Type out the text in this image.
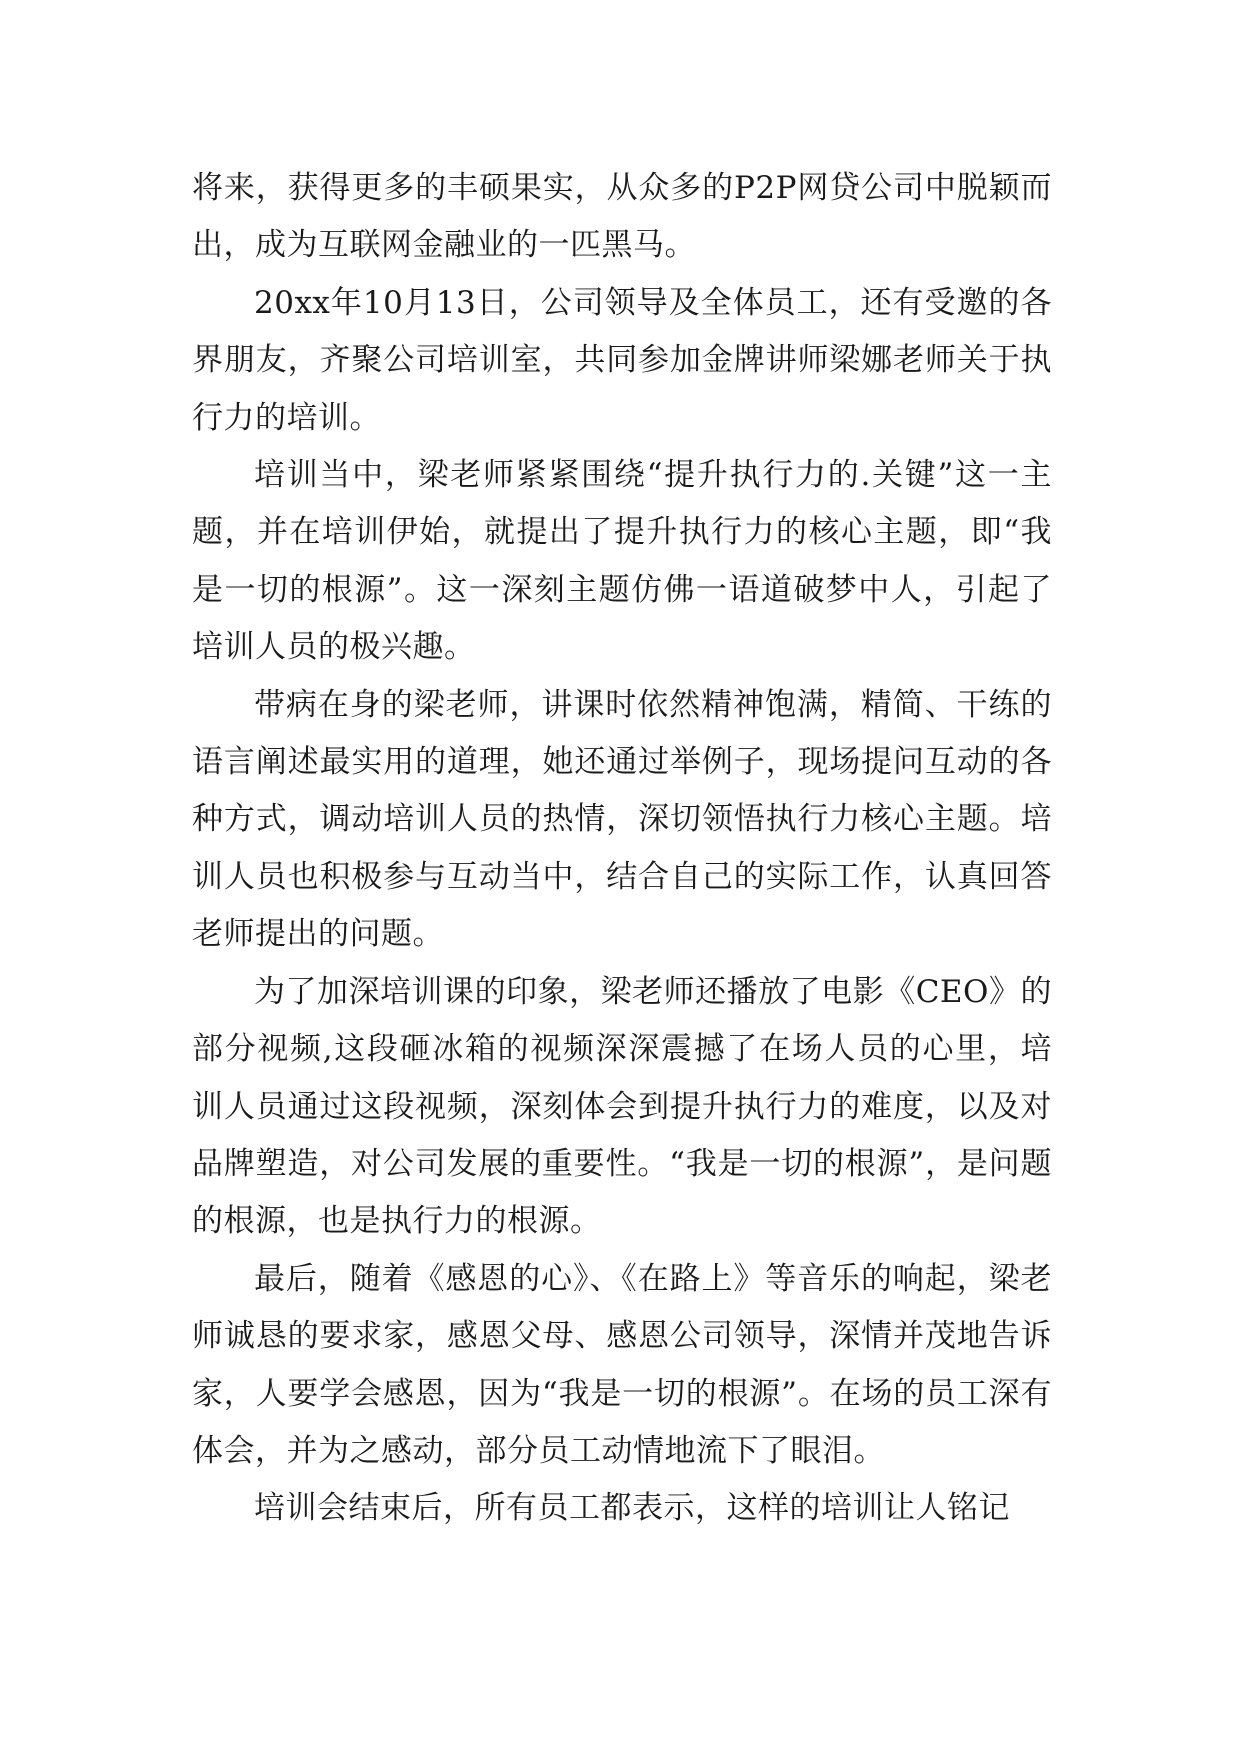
将来，获得更多的丰硕果实，从众多的P2P网贷公司中脱颖而出，成为互联网金融业的一匹黑马。

20xx年10月13日，公司领导及全体员工，还有受邀的各界朋友，齐聚公司培训室，共同参加金牌讲师梁娜老师关于执行力的培训。

培训当中，梁老师紧紧围绕“提升执行力的.关键”这一主题，并在培训伊始，就提出了提升执行力的核心主题，即“我是一切的根源”。这一深刻主题仿佛一语道破梦中人，引起了培训人员的极兴趣。

带病在身的梁老师，讲课时依然精神饱满，精简、干练的语言阐述最实用的道理，她还通过举例子，现场提问互动的各种方式，调动培训人员的热情，深切领悟执行力核心主题。培训人员也积极参与互动当中，结合自己的实际工作，认真回答老师提出的问题。

为了加深培训课的印象，梁老师还播放了电影《CEO》的部分视频,这段砸冰箱的视频深深震撼了在场人员的心里，培训人员通过这段视频，深刻体会到提升执行力的难度，以及对品牌塑造，对公司发展的重要性。“我是一切的根源”，是问题的根源，也是执行力的根源。

最后，随着《感恩的心》、《在路上》等音乐的响起，梁老师诚恳的要求家，感恩父母、感恩公司领导，深情并茂地告诉家，人要学会感恩，因为“我是一切的根源”。在场的员工深有体会，并为之感动，部分员工动情地流下了眼泪。

培训会结束后，所有员工都表示，这样的培训让人铭记
